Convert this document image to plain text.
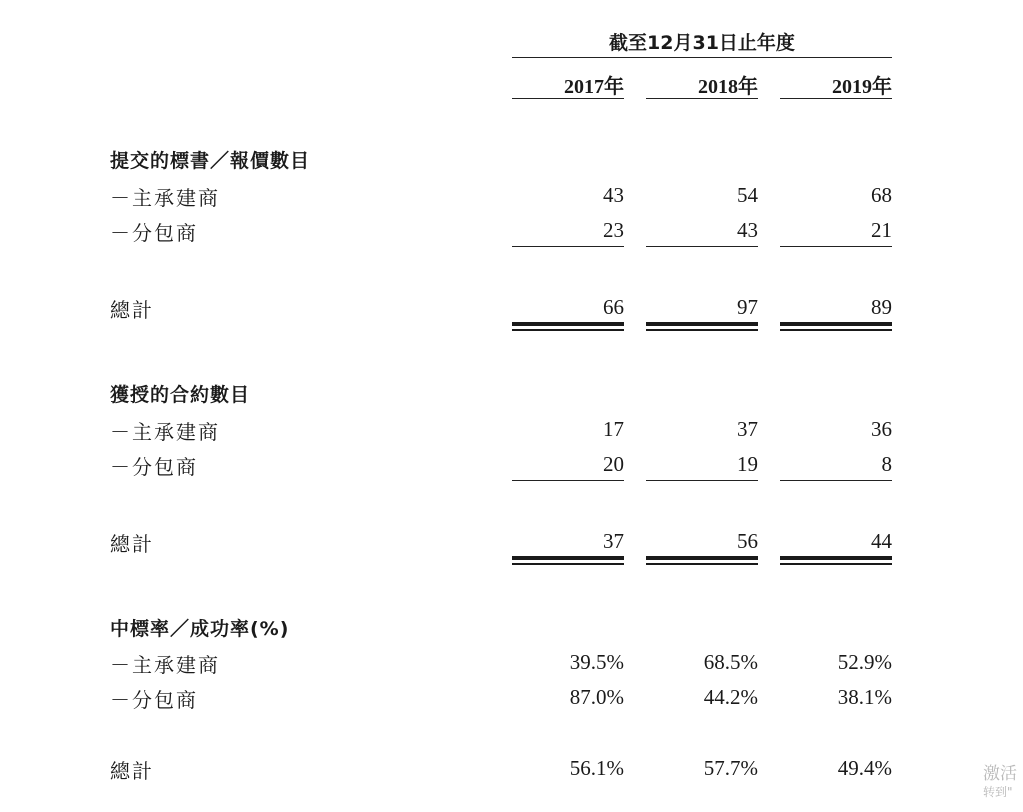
截至12月31日止年度
2017年	2018年	2019年
提交的標書／報價數目
－主承建商	43	54	68
－分包商	23	43	21
總計	66	97	89
獲授的合約數目
－主承建商	17	37	36
－分包商	20	19	8
總計	37	56	44
中標率／成功率(%)
－主承建商	39.5%	68.5%	52.9%
－分包商	87.0%	44.2%	38.1%
總計	56.1%	57.7%	49.4%	激活
转到"
